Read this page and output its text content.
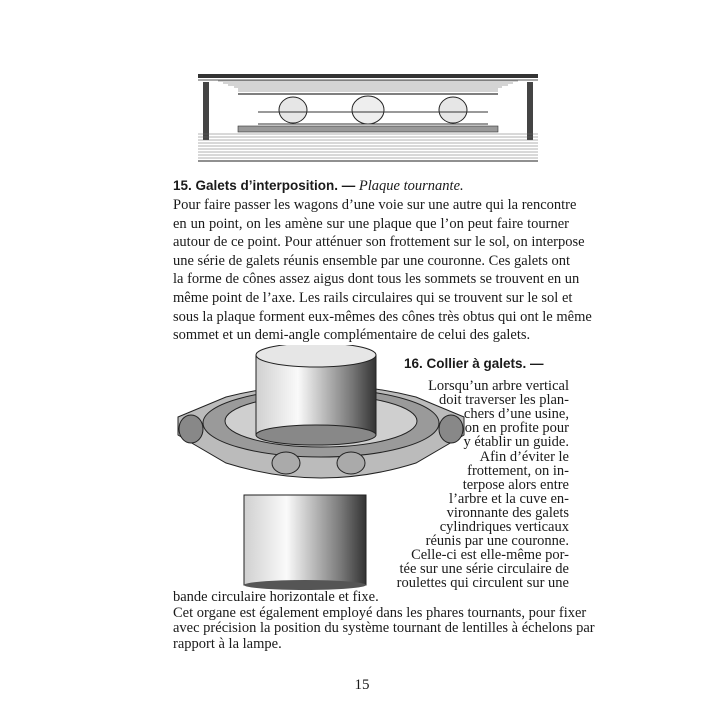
15. Galets d’interposition. — Plaque tournante.

Pour faire passer les wagons d’une voie sur une autre qui la rencontre
en un point, on les amène sur une plaque que l’on peut faire tourner
autour de ce point. Pour atténuer son frottement sur le sol, on interpose
une série de galets réunis ensemble par une couronne. Ces galets ont
la forme de cônes assez aigus dont tous les sommets se trouvent en un
même point de l’axe. Les rails circulaires qui se trouvent sur le sol et
sous la plaque forment eux-mêmes des cônes très obtus qui ont le même
sommet et un demi-angle complémentaire de celui des galets.

16. Collier à galets. —
Lorsqu’un arbre vertical
doit traverser les plan-
chers d’une usine,
on en profite pour
y établir un guide.
Afin d’éviter le
frottement, on in-
terpose alors entre
l’arbre et la cuve en-
vironnante des galets
cylindriques verticaux
réunis par une couronne.
Celle-ci est elle-même por-
tée sur une série circulaire de
roulettes qui circulent sur une
bande circulaire horizontale et fixe.
Cet organe est également employé dans les phares tournants, pour fixer
avec précision la position du système tournant de lentilles à échelons par
rapport à la lampe.
15
